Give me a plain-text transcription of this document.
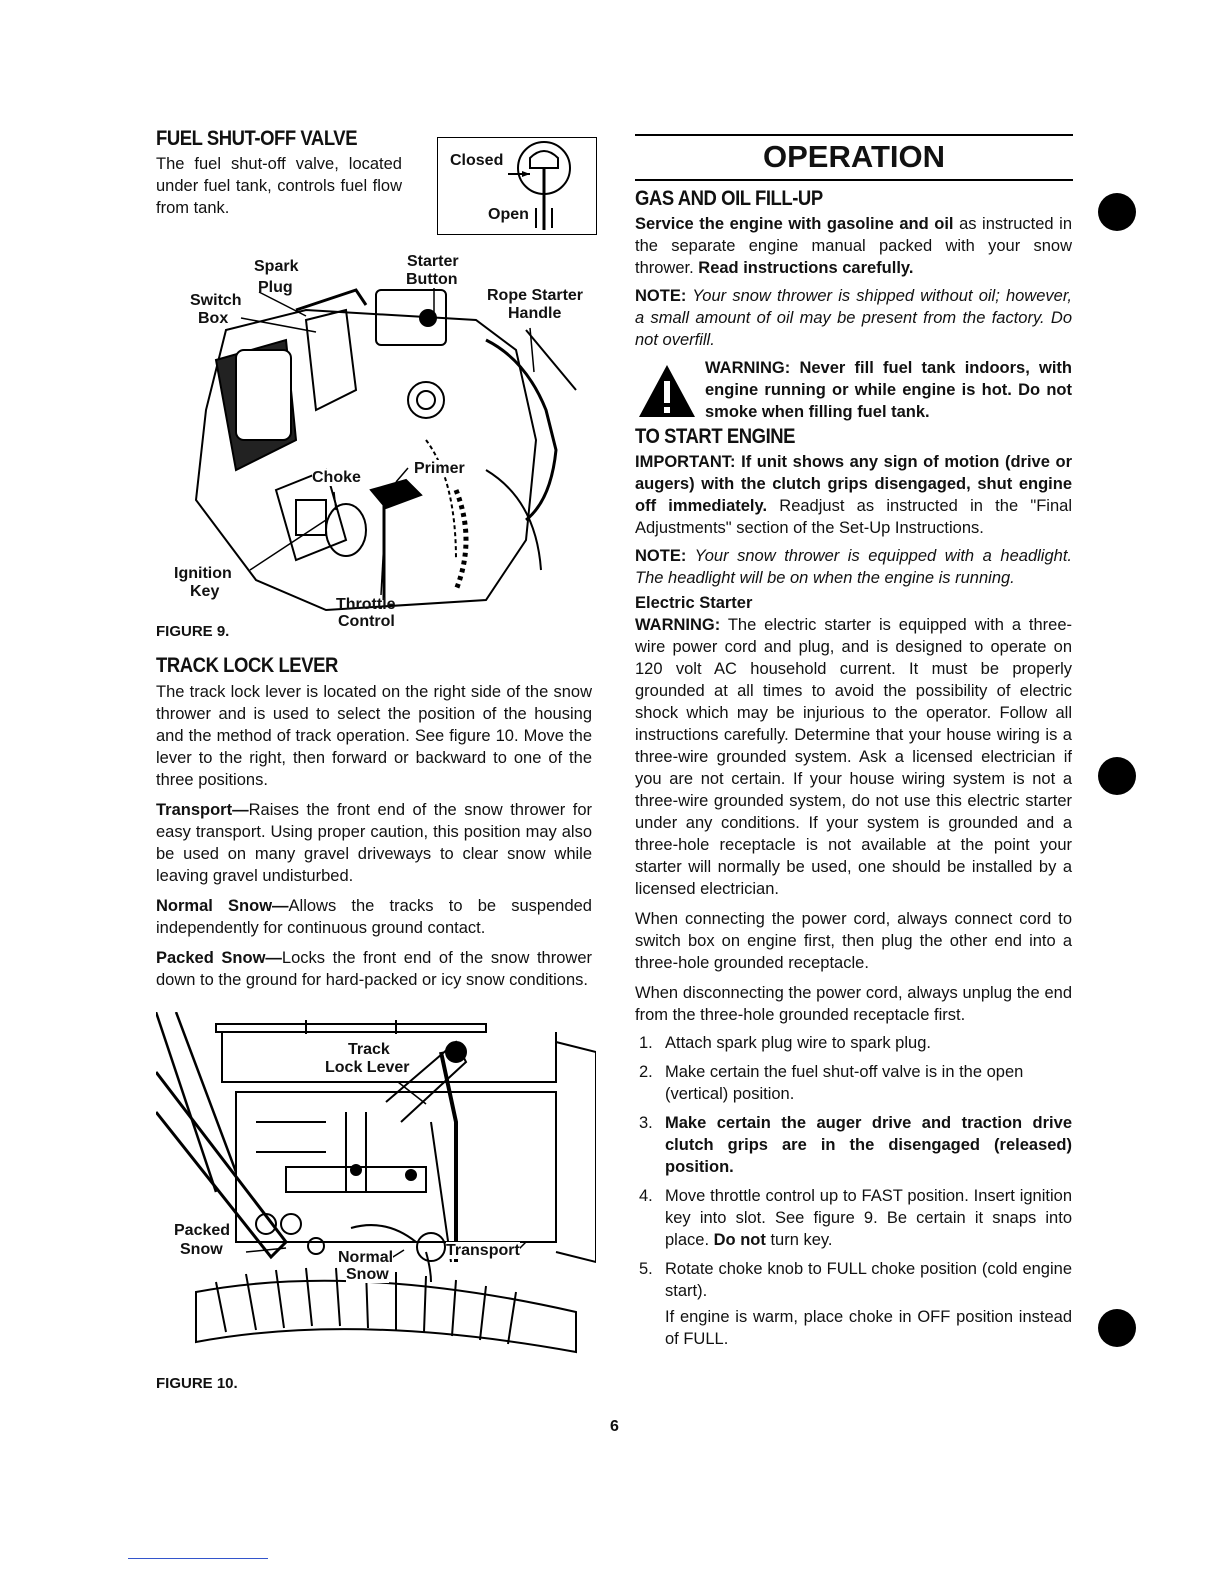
FUEL SHUT-OFF VALVE

The fuel shut-off valve, located under fuel tank, controls fuel flow from tank.

Closed
Open
Spark
Plug
Starter
Button
Switch
Box
Rope Starter
Handle
Choke
Primer
Ignition
Key
Throttle
Control
FIGURE 9.
TRACK LOCK LEVER

The track lock lever is located on the right side of the snow thrower and is used to select the position of the housing and the method of track operation. See figure 10. Move the lever to the right, then forward or backward to one of the three positions.

Transport—Raises the front end of the snow thrower for easy transport. Using proper caution, this position may also be used on many gravel driveways to clear snow while leaving gravel undisturbed.

Normal Snow—Allows the tracks to be suspended independently for continuous ground contact.

Packed Snow—Locks the front end of the snow thrower down to the ground for hard-packed or icy snow conditions.

Track
Lock Lever
Packed
Snow	Normal
Snow
Transport
FIGURE 10.
OPERATION
GAS AND OIL FILL-UP

Service the engine with gasoline and oil as instructed in the separate engine manual packed with your snow thrower. Read instructions carefully.

NOTE: Your snow thrower is shipped without oil; however, a small amount of oil may be present from the factory. Do not overfill.

WARNING: Never fill fuel tank indoors, with engine running or while engine is hot. Do not smoke when filling fuel tank.

TO START ENGINE

IMPORTANT: If unit shows any sign of motion (drive or augers) with the clutch grips disengaged, shut engine off immediately. Readjust as instructed in the "Final Adjustments" section of the Set-Up Instructions.

NOTE: Your snow thrower is equipped with a headlight. The headlight will be on when the engine is running.

Electric Starter

WARNING: The electric starter is equipped with a three-wire power cord and plug, and is designed to operate on 120 volt AC household current. It must be properly grounded at all times to avoid the possibility of electric shock which may be injurious to the operator. Follow all instructions carefully. Determine that your house wiring is a three-wire grounded system. Ask a licensed electrician if you are not certain. If your house wiring system is not a three-wire grounded system, do not use this electric starter under any conditions. If your system is grounded and a three-hole receptacle is not available at the point your starter will normally be used, one should be installed by a licensed electrician.

When connecting the power cord, always connect cord to switch box on engine first, then plug the other end into a three-hole grounded receptacle.

When disconnecting the power cord, always unplug the end from the three-hole grounded receptacle first.

1. Attach spark plug wire to spark plug.
2. Make certain the fuel shut-off valve is in the open (vertical) position.
3. Make certain the auger drive and traction drive clutch grips are in the disengaged (released) position.
4. Move throttle control up to FAST position. Insert ignition key into slot. See figure 9. Be certain it snaps into place. Do not turn key.
5. Rotate choke knob to FULL choke position (cold engine start).

If engine is warm, place choke in OFF position instead of FULL.

6
